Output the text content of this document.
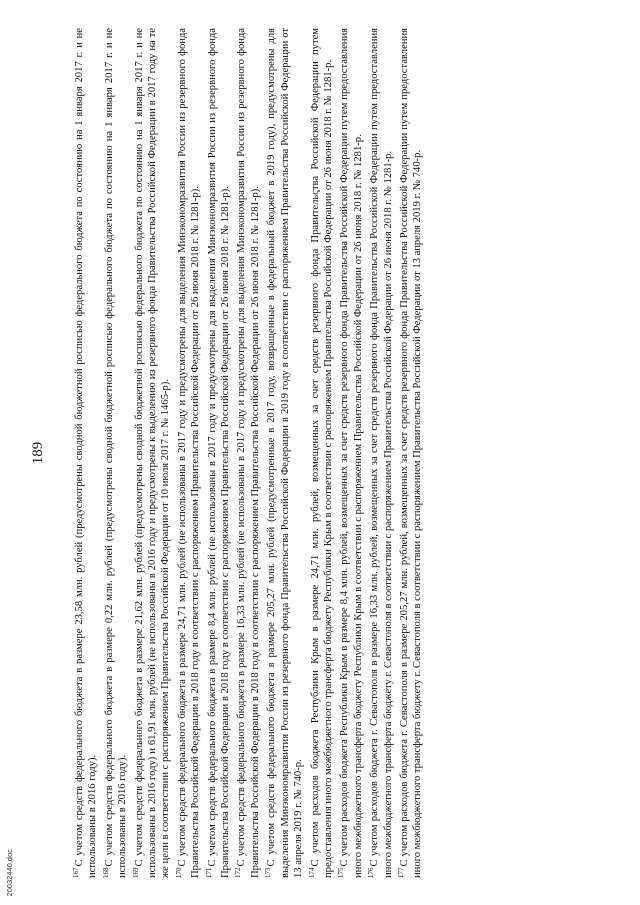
189

$^{167}$С учетом средств федерального бюджета в размере 23,58 млн. рублей (предусмотрены сводной бюджетной росписью федерального бюджета по состоянию на 1 января 2017 г. и не использованы в 2016 году). $^{168}$С учетом средств федерального бюджета в размере 0,22 млн. рублей (предусмотрены сводной бюджетной росписью федерального бюджета по состоянию на 1 января 2017 г. и не использованы в 2016 году). $^{169}$С учетом средств федерального бюджета в размере 21,62 млн. рублей (предусмотрены сводной бюджетной росписью федерального бюджета по состоянию на 1 января 2017 г. и не использованы в 2016 году) и 61,91 млн. рублей (не использованы в 2016 году и предусмотрены к выделению из резервного фонда Правительства Российской Федерации в 2017 году на те же цели в соответствии с распоряжением Правительства Российской Федерации от 10 июля 2017 г. № 1465-р). $^{170}$С учетом средств федерального бюджета в размере 24,71 млн. рублей (не использованы в 2017 году и предусмотрены для выделения Минэкономразвития России из резервного фонда Правительства Российской Федерации в 2018 году в соответствии с распоряжением Правительства Российской Федерации от 26 июня 2018 г. № 1281-р). $^{171}$С учетом средств федерального бюджета в размере 8,4 млн. рублей (не использованы в 2017 году и предусмотрены для выделения Минэкономразвития России из резервного фонда Правительства Российской Федерации в 2018 году в соответствии с распоряжением Правительства Российской Федерации от 26 июня 2018 г. № 1281-р). $^{172}$С учетом средств федерального бюджета в размере 16,33 млн. рублей (не использованы в 2017 году и предусмотрены для выделения Минэкономразвития России из резервного фонда Правительства Российской Федерации в 2018 году в соответствии с распоряжением Правительства Российской Федерации от 26 июня 2018 г. № 1281-р). $^{173}$С учетом средств федерального бюджета в размере 205,27 млн. рублей (предусмотренные в 2017 году, возвращенные в федеральный бюджет в 2019 году), предусмотрены для выделения Минэкономразвития России из резервного фонда Правительства Российской Федерации в 2019 году в соответствии с распоряжением Правительства Российской Федерации от 13 апреля 2019 г. № 740-р. $^{174}$С учетом расходов бюджета Республики Крым в размере 24,71 млн. рублей, возмещенных за счет средств резервного фонда Правительства Российской Федерации путем предоставления иного межбюджетного трансферта бюджету Республики Крым в соответствии с распоряжением Правительства Российской Федерации от 26 июня 2018 г. № 1281-р. $^{175}$С учетом расходов бюджета Республики Крым в размере 8,4 млн. рублей, возмещенных за счет средств резервного фонда Правительства Российской Федерации путем предоставления иного межбюджетного трансферта бюджету Республики Крым в соответствии с распоряжением Правительства Российской Федерации от 26 июня 2018 г. № 1281-р. $^{176}$С учетом расходов бюджета г. Севастополя в размере 16,33 млн. рублей, возмещенных за счет средств резервного фонда Правительства Российской Федерации путем предоставления иного межбюджетного трансферта бюджету г. Севастополя в соответствии с распоряжением Правительства Российской Федерации от 26 июня 2018 г. № 1281-р. $^{177}$С учетом расходов бюджета г. Севастополя в размере 205,27 млн. рублей, возмещенных за счет средств резервного фонда Правительства Российской Федерации путем предоставления иного межбюджетного трансферта бюджету г. Севастополя в соответствии с распоряжением Правительства Российской Федерации от 13 апреля 2019 г. № 740-р.

20032440.doc
